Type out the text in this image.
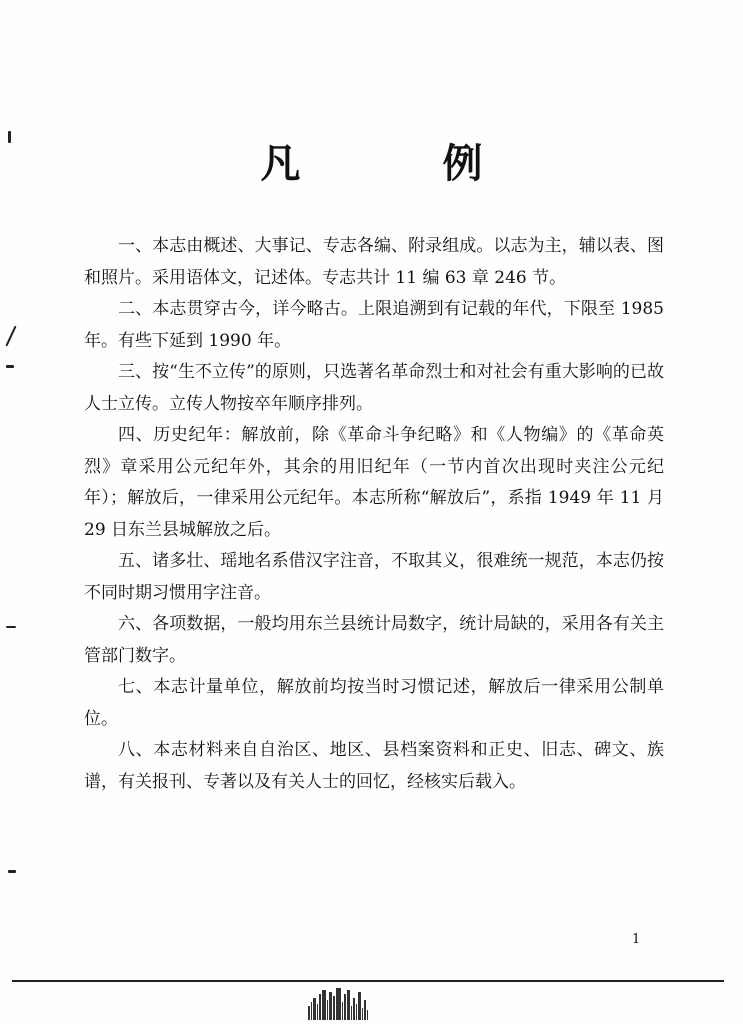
凡 例

一、本志由概述、大事记、专志各编、附录组成。以志为主，辅以表、图和照片。采用语体文，记述体。专志共计 11 编 63 章 246 节。

二、本志贯穿古今，详今略古。上限追溯到有记载的年代，下限至 1985 年。有些下延到 1990 年。

三、按“生不立传”的原则，只选著名革命烈士和对社会有重大影响的已故人士立传。立传人物按卒年顺序排列。

四、历史纪年：解放前，除《革命斗争纪略》和《人物编》的《革命英烈》章采用公元纪年外，其余的用旧纪年（一节内首次出现时夹注公元纪年）；解放后，一律采用公元纪年。本志所称“解放后”，系指 1949 年 11 月 29 日东兰县城解放之后。

五、诸多壮、瑶地名系借汉字注音，不取其义，很难统一规范，本志仍按不同时期习惯用字注音。

六、各项数据，一般均用东兰县统计局数字，统计局缺的，采用各有关主管部门数字。

七、本志计量单位，解放前均按当时习惯记述，解放后一律采用公制单位。

八、本志材料来自自治区、地区、县档案资料和正史、旧志、碑文、族谱，有关报刊、专著以及有关人士的回忆，经核实后载入。

1
